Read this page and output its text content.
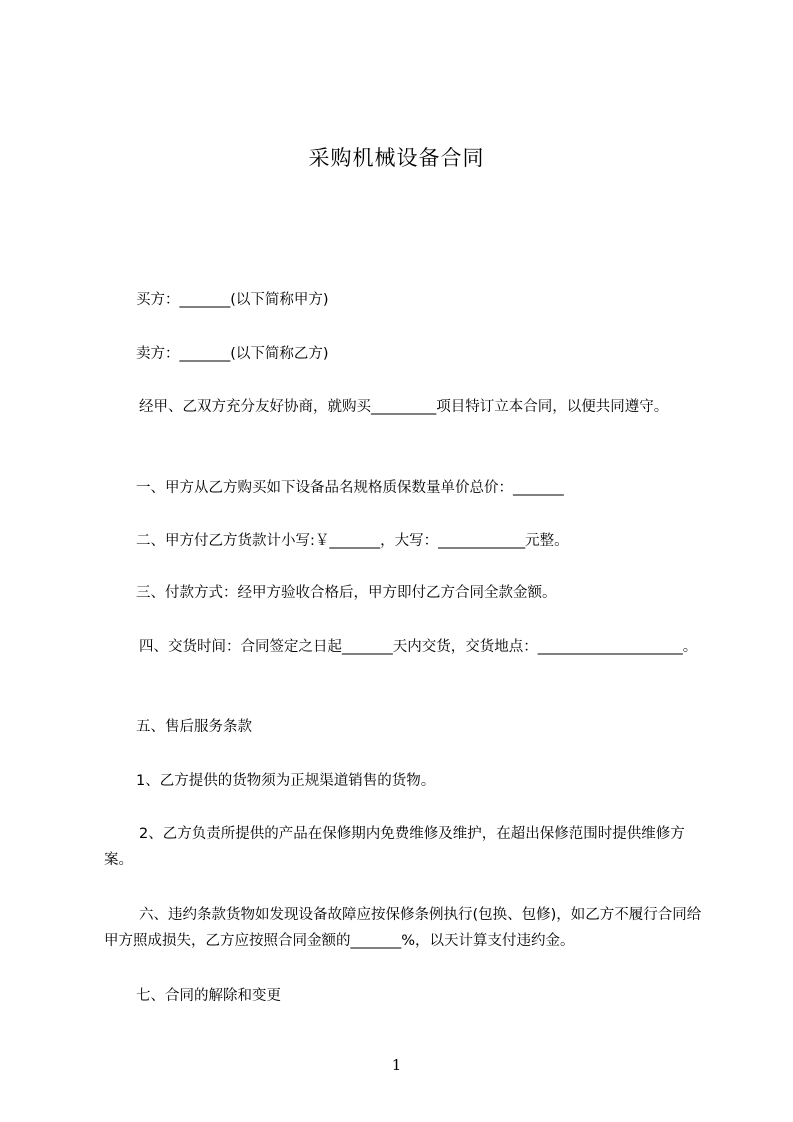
采购机械设备合同

买方：_______(以下简称甲方)

卖方：_______(以下简称乙方)

经甲、乙双方充分友好协商，就购买_________项目特订立本合同，以便共同遵守。

一、甲方从乙方购买如下设备品名规格质保数量单价总价：_______

二、甲方付乙方货款计小写:￥_______，大写：____________元整。

三、付款方式：经甲方验收合格后，甲方即付乙方合同全款金额。

四、交货时间：合同签定之日起_______天内交货，交货地点：____________________。

五、售后服务条款

1、乙方提供的货物须为正规渠道销售的货物。

2、乙方负责所提供的产品在保修期内免费维修及维护，在超出保修范围时提供维修方案。

六、违约条款货物如发现设备故障应按保修条例执行(包换、包修)，如乙方不履行合同给甲方照成损失，乙方应按照合同金额的_______%，以天计算支付违约金。

七、合同的解除和变更

1
